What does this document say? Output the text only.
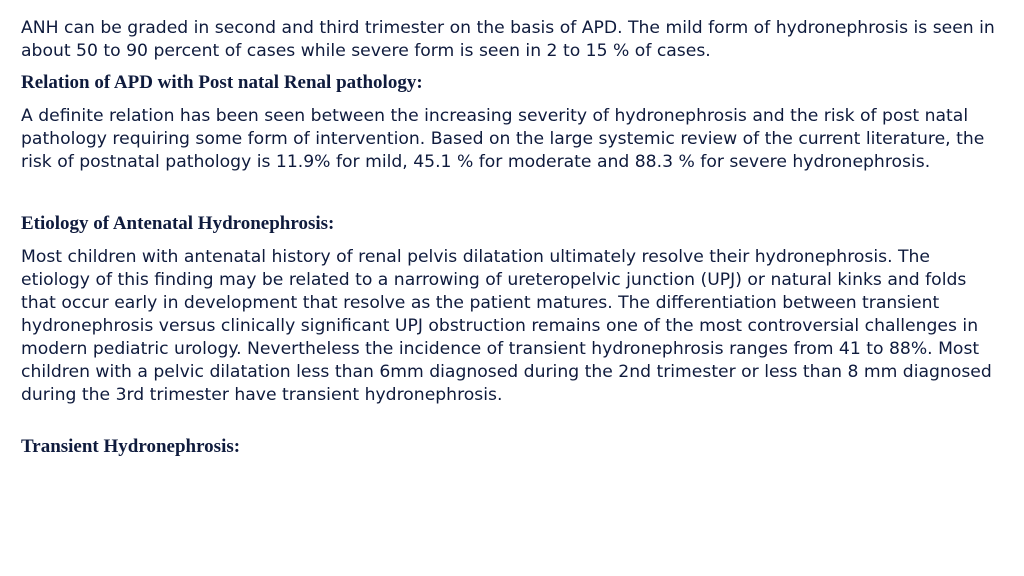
ANH can be graded in second and third trimester on the basis of APD. The mild form of hydronephrosis is seen in about 50 to 90 percent of cases while severe form is seen in 2 to 15 % of cases.

Relation of APD with Post natal Renal pathology:

A definite relation has been seen between the increasing severity of hydronephrosis and the risk of post natal pathology requiring some form of intervention. Based on the large systemic review of the current literature, the risk of postnatal pathology is 11.9% for mild, 45.1 % for moderate and 88.3 % for severe hydronephrosis.

Etiology of Antenatal Hydronephrosis:

Most children with antenatal history of renal pelvis dilatation ultimately resolve their hydronephrosis. The etiology of this finding may be related to a narrowing of ureteropelvic junction (UPJ) or natural kinks and folds that occur early in development that resolve as the patient matures. The differentiation between transient hydronephrosis versus clinically significant UPJ obstruction remains one of the most controversial challenges in modern pediatric urology. Nevertheless the incidence of transient hydronephrosis ranges from 41 to 88%. Most children with a pelvic dilatation less than 6mm diagnosed during the 2nd trimester or less than 8 mm diagnosed during the 3rd trimester have transient hydronephrosis.

Transient Hydronephrosis:
